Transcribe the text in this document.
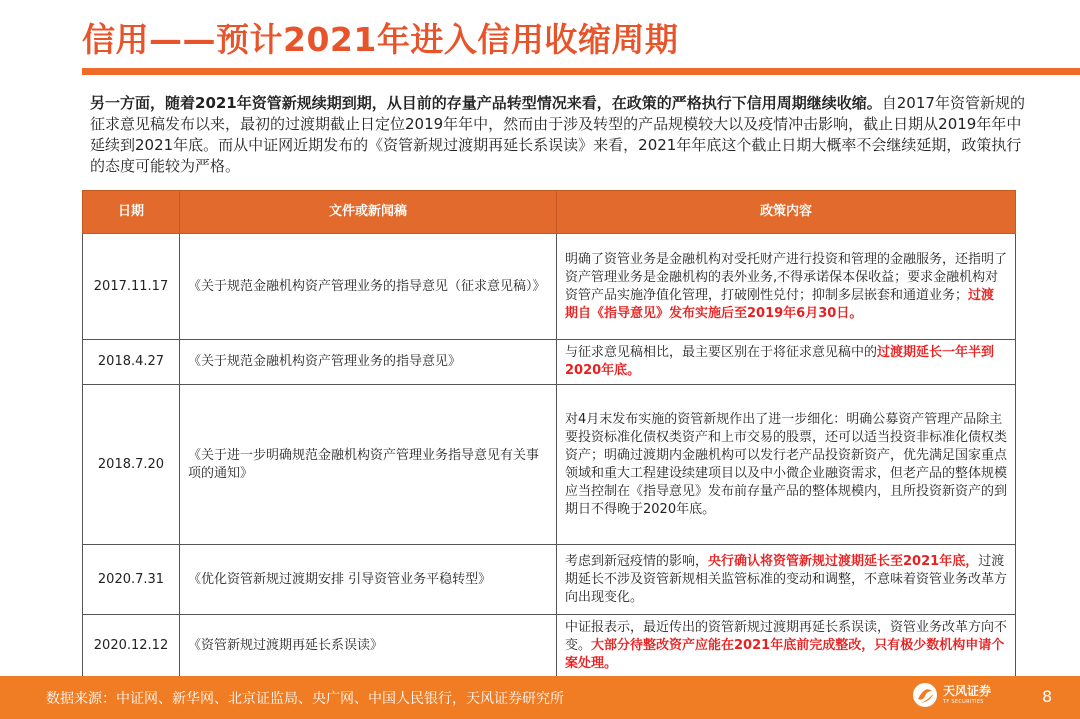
信用——预计2021年进入信用收缩周期
另一方面，随着2021年资管新规续期到期，从目前的存量产品转型情况来看，在政策的严格执行下信用周期继续收缩。自2017年资管新规的征求意见稿发布以来，最初的过渡期截止日定位2019年年中，然而由于涉及转型的产品规模较大以及疫情冲击影响，截止日期从2019年年中延续到2021年底。而从中证网近期发布的《资管新规过渡期再延长系误读》来看，2021年年底这个截止日期大概率不会继续延期，政策执行的态度可能较为严格。
日期	文件或新闻稿	政策内容
2017.11.17	《关于规范金融机构资产管理业务的指导意见（征求意见稿）》	明确了资管业务是金融机构对受托财产进行投资和管理的金融服务，还指明了资产管理业务是金融机构的表外业务,不得承诺保本保收益；要求金融机构对资管产品实施净值化管理，打破刚性兑付；抑制多层嵌套和通道业务；过渡期自《指导意见》发布实施后至2019年6月30日。
2018.4.27	《关于规范金融机构资产管理业务的指导意见》	与征求意见稿相比，最主要区别在于将征求意见稿中的过渡期延长一年半到2020年底。
2018.7.20	《关于进一步明确规范金融机构资产管理业务指导意见有关事项的通知》	对4月末发布实施的资管新规作出了进一步细化：明确公募资产管理产品除主要投资标准化债权类资产和上市交易的股票，还可以适当投资非标准化债权类资产；明确过渡期内金融机构可以发行老产品投资新资产，优先满足国家重点领域和重大工程建设续建项目以及中小微企业融资需求，但老产品的整体规模应当控制在《指导意见》发布前存量产品的整体规模内，且所投资新资产的到期日不得晚于2020年底。
2020.7.31	《优化资管新规过渡期安排 引导资管业务平稳转型》	考虑到新冠疫情的影响，央行确认将资管新规过渡期延长至2021年底，过渡期延长不涉及资管新规相关监管标准的变动和调整，不意味着资管业务改革方向出现变化。
2020.12.12	《资管新规过渡期再延长系误读》	中证报表示，最近传出的资管新规过渡期再延长系误读，资管业务改革方向不变。大部分待整改资产应能在2021年底前完成整改，只有极少数机构申请个案处理。
数据来源：中证网、新华网、北京证监局、央广网、中国人民银行，天风证券研究所	天风证券
TF SECURITIES	8
